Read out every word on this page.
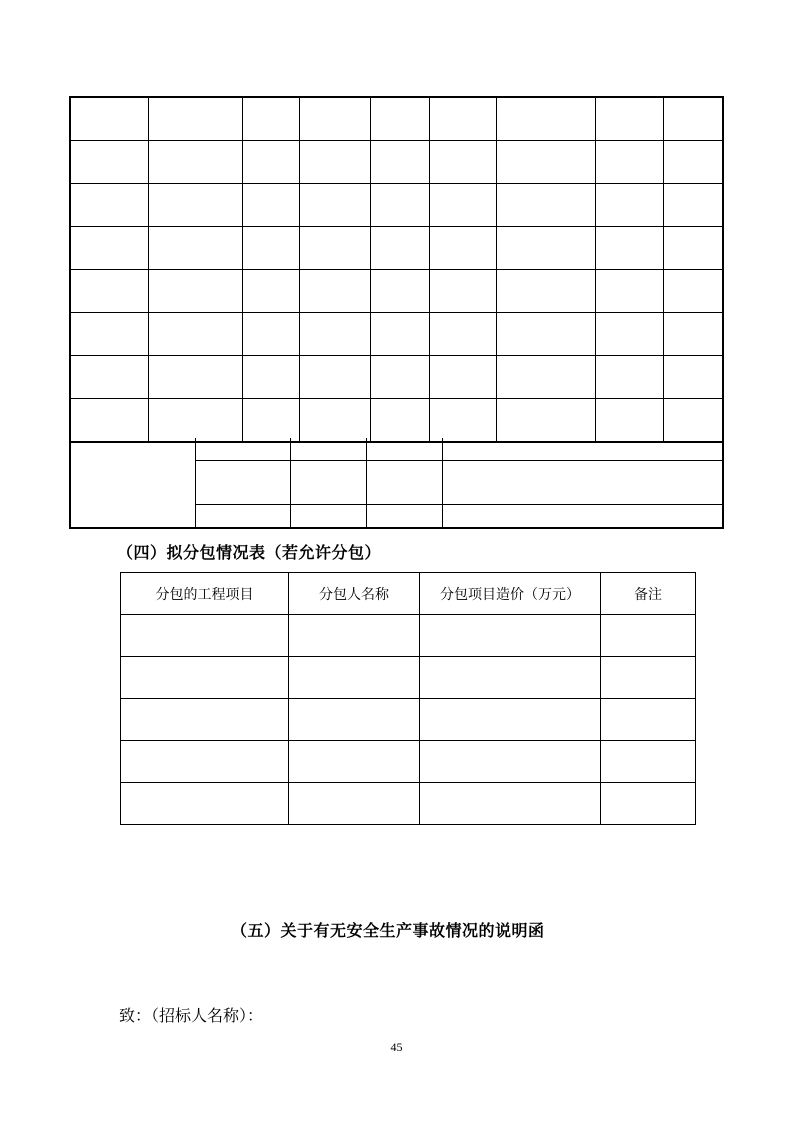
（四）拟分包情况表（若允许分包）
分包的工程项目	分包人名称	分包项目造价（万元）	备注

（五）关于有无安全生产事故情况的说明函
致：（招标人名称）：
45
